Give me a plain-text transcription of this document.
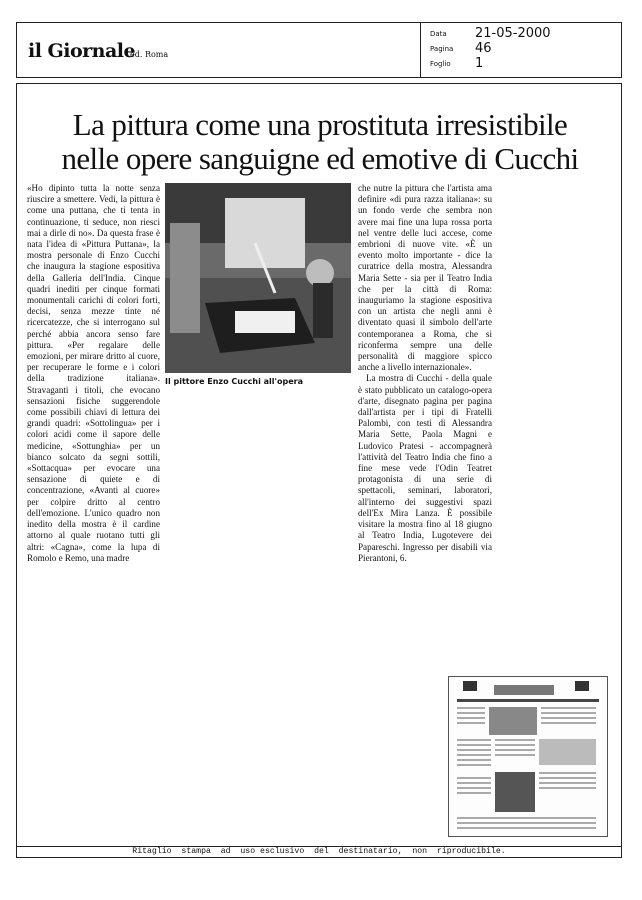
il Giornale
ed. Roma
Data 21-05-2000
Pagina 46
Foglio 1
La pittura come una prostituta irresistibile
nelle opere sanguigne ed emotive di Cucchi

«Ho dipinto tutta la notte senza riuscire a smettere. Vedi, la pittura è come una puttana, che ti tenta in continuazione, ti seduce, non riesci mai a dirle di no». Da questa frase è nata l'idea di «Pittura Puttana», la mostra personale di Enzo Cucchi che inaugura la stagione espositiva della Galleria dell'India. Cinque quadri inediti per cinque formati monumentali carichi di colori forti, decisi, senza mezze tinte né ricercatezze, che si interrogano sul perché abbia ancora senso fare pittura. «Per regalare delle emozioni, per mirare dritto al cuore, per recuperare le forme e i colori della tradizione italiana». Stravaganti i titoli, che evocano sensazioni fisiche suggerendole come possibili chiavi di lettura dei grandi quadri: «Sottolingua» per i colori acidi come il sapore delle medicine, «Sottunghia» per un bianco solcato da segni sottili, «Sottacqua» per evocare una sensazione di quiete e di concentrazione, «Avanti al cuore» per colpire dritto al centro dell'emozione. L'unico quadro non inedito della mostra è il cardine attorno al quale ruotano tutti gli altri: «Cagna», come la lupa di Romolo e Remo, una madre

Il pittore Enzo Cucchi all'opera

che nutre la pittura che l'artista ama definire «di pura razza italiana»: su un fondo verde che sembra non avere mai fine una lupa rossa porta nel ventre delle luci accese, come embrioni di nuove vite. «È un evento molto importante - dice la curatrice della mostra, Alessandra Maria Sette - sia per il Teatro India che per la città di Roma: inauguriamo la stagione espositiva con un artista che negli anni è diventato quasi il simbolo dell'arte contemporanea a Roma, che si riconferma sempre una delle personalità di maggiore spicco anche a livello internazionale».

La mostra di Cucchi - della quale è stato pubblicato un catalogo-opera d'arte, disegnato pagina per pagina dall'artista per i tipi di Fratelli Palombi, con testi di Alessandra Maria Sette, Paola Magni e Ludovico Pratesi - accompagnerà l'attività del Teatro India che fino a fine mese vede l'Odin Teatret protagonista di una serie di spettacoli, seminari, laboratori, all'interno dei suggestivi spazi dell'Ex Mira Lanza. È possibile visitare la mostra fino al 18 giugno al Teatro India, Lugotevere dei Papareschi. Ingresso per disabili via Pierantoni, 6.

Ritaglio  stampa  ad  uso esclusivo  del  destinatario,  non  riproducibile.
